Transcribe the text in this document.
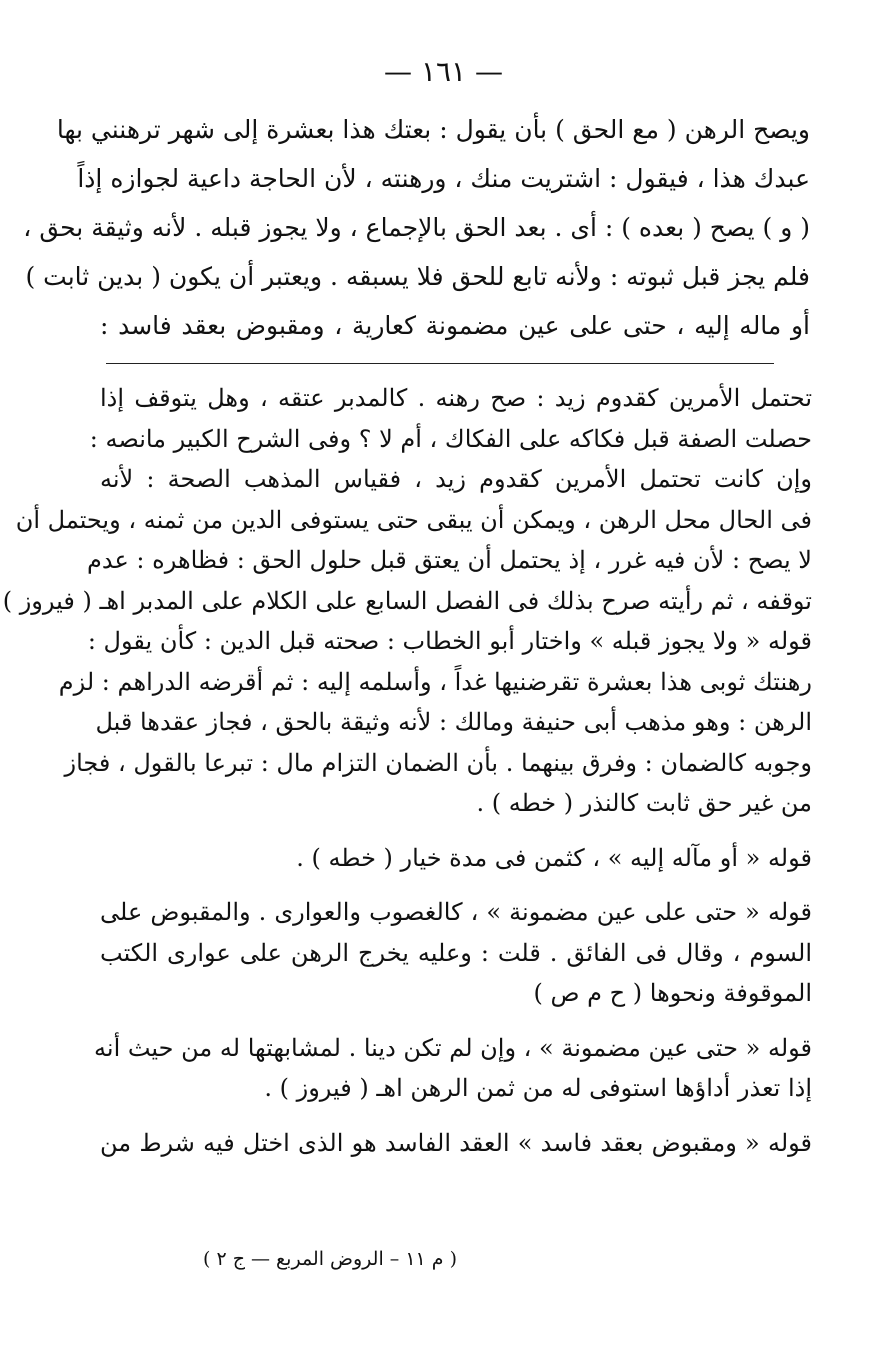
— ١٦١ —
ويصح الرهن ( مع الحق ) بأن يقول : بعتك هذا بعشرة إلى شهر ترهنني بها
عبدك هذا ، فيقول : اشتريت منك ، ورهنته ، لأن الحاجة داعية لجوازه إذاً
( و ) يصح ( بعده ) : أى . بعد الحق بالإجماع ، ولا يجوز قبله . لأنه وثيقة بحق ،
فلم يجز قبل ثبوته : ولأنه تابع للحق فلا يسبقه . ويعتبر أن يكون ( بدين ثابت )
أو ماله إليه ، حتى على عين مضمونة كعارية ، ومقبوض بعقد فاسد :
تحتمل الأمرين كقدوم زيد : صح رهنه . كالمدبر عتقه ، وهل يتوقف إذا
حصلت الصفة قبل فكاكه على الفكاك ، أم لا ؟ وفى الشرح الكبير مانصه :
وإن كانت تحتمل الأمرين كقدوم زيد ، فقياس المذهب الصحة : لأنه
فى الحال محل الرهن ، ويمكن أن يبقى حتى يستوفى الدين من ثمنه ، ويحتمل أن
لا يصح : لأن فيه غرر ، إذ يحتمل أن يعتق قبل حلول الحق : فظاهره : عدم
توقفه ، ثم رأيته صرح بذلك فى الفصل السابع على الكلام على المدبر اهـ ( فيروز )
قوله « ولا يجوز قبله » واختار أبو الخطاب : صحته قبل الدين : كأن يقول :
رهنتك ثوبى هذا بعشرة تقرضنيها غداً ، وأسلمه إليه : ثم أقرضه الدراهم : لزم
الرهن : وهو مذهب أبى حنيفة ومالك : لأنه وثيقة بالحق ، فجاز عقدها قبل
وجوبه كالضمان : وفرق بينهما . بأن الضمان التزام مال : تبرعا بالقول ، فجاز
من غير حق ثابت كالنذر ( خطه ) .
قوله « أو مآله إليه » ، كثمن فى مدة خيار ( خطه ) .
قوله « حتى على عين مضمونة » ، كالغصوب والعوارى . والمقبوض على
السوم ، وقال فى الفائق . قلت : وعليه يخرج الرهن على عوارى الكتب
الموقوفة ونحوها ( ح م ص )
قوله « حتى عين مضمونة » ، وإن لم تكن دينا . لمشابهتها له من حيث أنه
إذا تعذر أداؤها استوفى له من ثمن الرهن اهـ ( فيروز ) .
قوله « ومقبوض بعقد فاسد » العقد الفاسد هو الذى اختل فيه شرط من
( م ١١ – الروض المربع — ج ٢ )
